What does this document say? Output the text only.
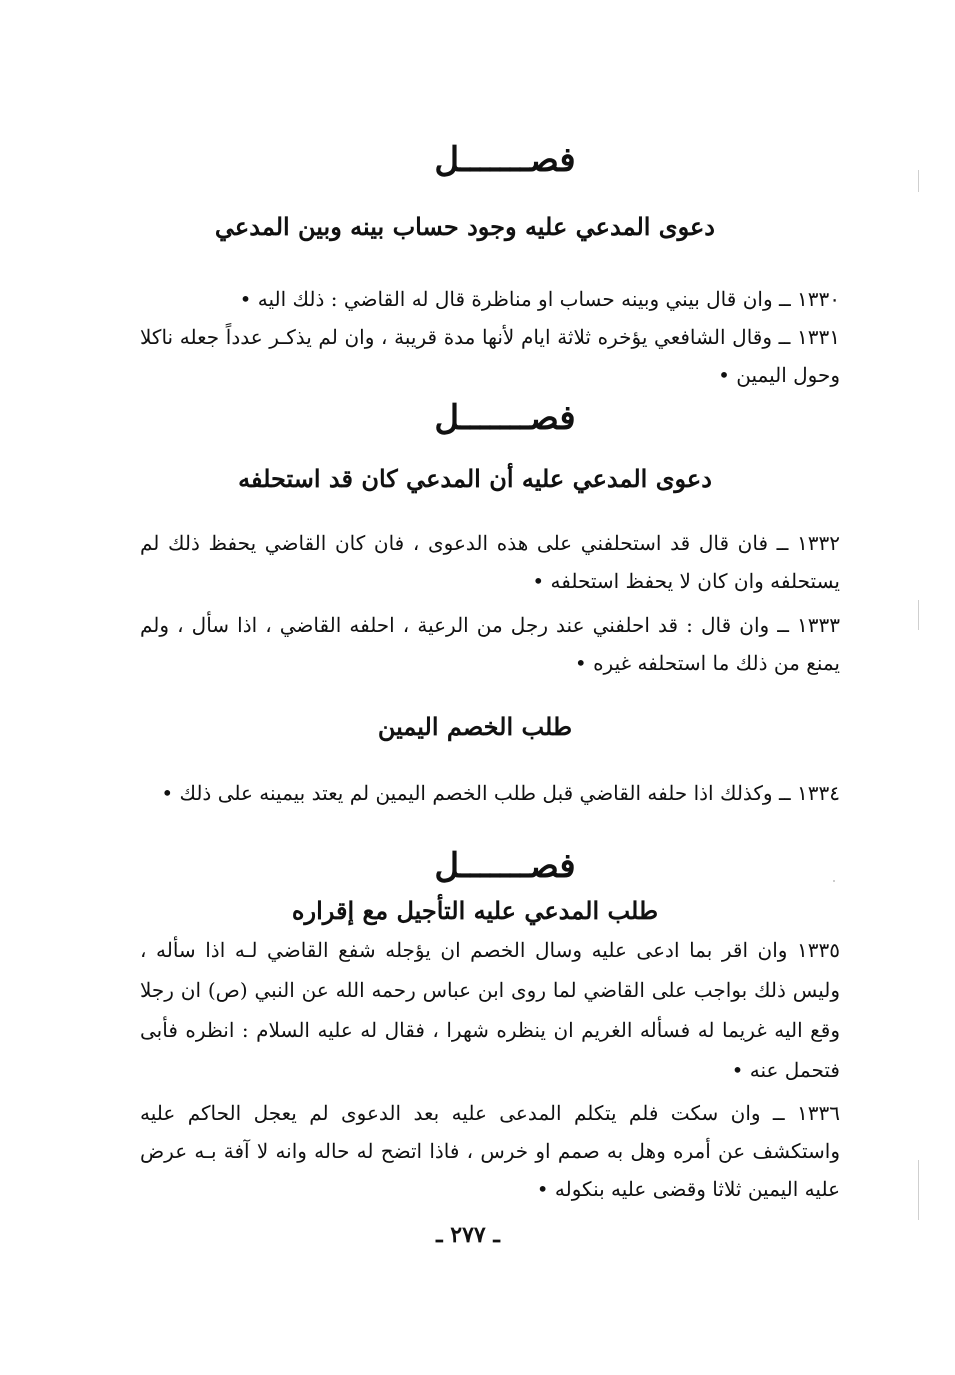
فصـــــــل
دعوى المدعي عليه وجود حساب بينه وبين المدعي
١٣٣٠ ــ وان قال بيني وبينه حساب او مناظرة قال له القاضي : ذلك اليه •
١٣٣١ ــ وقال الشافعي يؤخره ثلاثة ايام لأنها مدة قريبة ، وان لم يذكـر عدداً جعله ناكلا وحول اليمين •
فصـــــــل
دعوى المدعي عليه أن المدعي كان قد استحلفه
١٣٣٢ ــ فان قال قد استحلفني على هذه الدعوى ، فان كان القاضي يحفظ ذلك لم يستحلفه وان كان لا يحفظ استحلفه •
١٣٣٣ ــ وان قال : قد احلفني عند رجل من الرعية ، احلفه القاضي ، اذا سأل ، ولم يمنع من ذلك ما استحلفه غيره •
طلب الخصم اليمين
١٣٣٤ ــ وكذلك اذا حلفه القاضي قبل طلب الخصم اليمين لم يعتد بيمينه على ذلك •
فصـــــــل
طلب المدعي عليه التأجيل مع إقراره
١٣٣٥ وان اقر بما ادعى عليه وسال الخصم ان يؤجله شفع القاضي لـه اذا سأله ، وليس ذلك بواجب على القاضي لما روى ابن عباس رحمه الله عن النبي (ص) ان رجلا وقع اليه غريما له فسأله الغريم ان ينظره شهرا ، فقال له عليه السلام : انظره فأبى فتحمل عنه •
١٣٣٦ ــ وان سكت فلم يتكلم المدعى عليه بعد الدعوى لم يعجل الحاكم عليه واستكشف عن أمره وهل به صمم او خرس ، فاذا اتضح له حاله وانه لا آفة بـه عرض عليه اليمين ثلاثا وقضى عليه بنكوله •
ـ ٢٧٧ ـ
